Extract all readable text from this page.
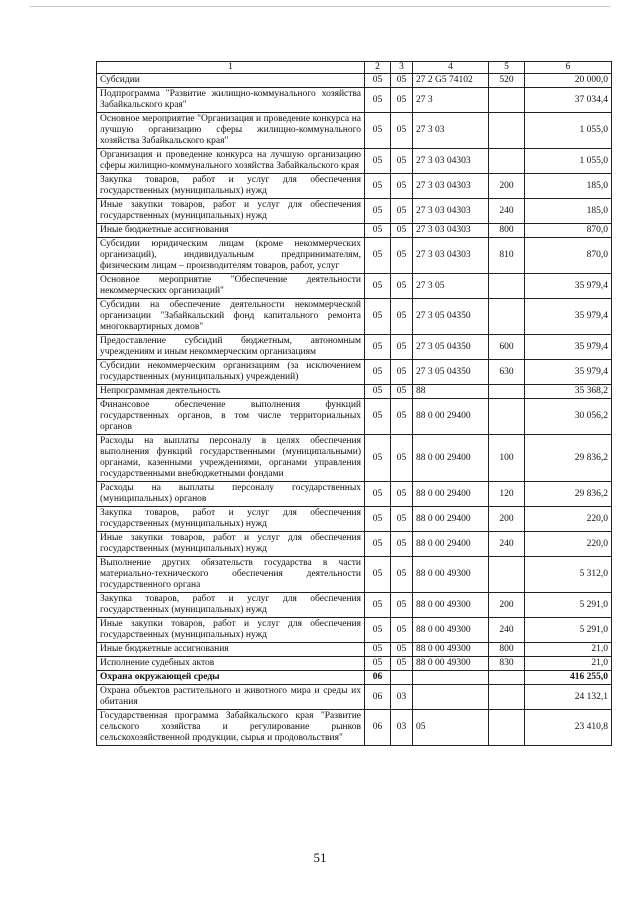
1	2	3	4	5	6
Субсидии	05	05	27 2 G5 74102	520	20 000,0
Подпрограмма "Развитие жилищно-коммунального хозяйства Забайкальского края"	05	05	27 3		37 034,4
Основное мероприятие "Организация и проведение конкурса на лучшую организацию сферы жилищно-коммунального хозяйства Забайкальского края"	05	05	27 3 03		1 055,0
Организация и проведение конкурса на лучшую организацию сферы жилищно-коммунального хозяйства Забайкальского края	05	05	27 3 03 04303		1 055,0
Закупка товаров, работ и услуг для обеспечения государственных (муниципальных) нужд	05	05	27 3 03 04303	200	185,0
Иные закупки товаров, работ и услуг для обеспечения государственных (муниципальных) нужд	05	05	27 3 03 04303	240	185,0
Иные бюджетные ассигнования	05	05	27 3 03 04303	800	870,0
Субсидии юридическим лицам (кроме некоммерческих организаций), индивидуальным предпринимателям, физическим лицам – производителям товаров, работ, услуг	05	05	27 3 03 04303	810	870,0
Основное мероприятие "Обеспечение деятельности некоммерческих организаций"	05	05	27 3 05		35 979,4
Субсидии на обеспечение деятельности некоммерческой организации "Забайкальский фонд капитального ремонта многоквартирных домов"	05	05	27 3 05 04350		35 979,4
Предоставление субсидий бюджетным, автономным учреждениям и иным некоммерческим организациям	05	05	27 3 05 04350	600	35 979,4
Субсидии некоммерческим организациям (за исключением государственных (муниципальных) учреждений)	05	05	27 3 05 04350	630	35 979,4
Непрограммная деятельность	05	05	88		35 368,2
Финансовое обеспечение выполнения функций государственных органов, в том числе территориальных органов	05	05	88 0 00 29400		30 056,2
Расходы на выплаты персоналу в целях обеспечения выполнения функций государственными (муниципальными) органами, казенными учреждениями, органами управления государственными внебюджетными фондами	05	05	88 0 00 29400	100	29 836,2
Расходы на выплаты персоналу государственных (муниципальных) органов	05	05	88 0 00 29400	120	29 836,2
Закупка товаров, работ и услуг для обеспечения государственных (муниципальных) нужд	05	05	88 0 00 29400	200	220,0
Иные закупки товаров, работ и услуг для обеспечения государственных (муниципальных) нужд	05	05	88 0 00 29400	240	220,0
Выполнение других обязательств государства в части материально-технического обеспечения деятельности государственного органа	05	05	88 0 00 49300		5 312,0
Закупка товаров, работ и услуг для обеспечения государственных (муниципальных) нужд	05	05	88 0 00 49300	200	5 291,0
Иные закупки товаров, работ и услуг для обеспечения государственных (муниципальных) нужд	05	05	88 0 00 49300	240	5 291,0
Иные бюджетные ассигнования	05	05	88 0 00 49300	800	21,0
Исполнение судебных актов	05	05	88 0 00 49300	830	21,0
Охрана окружающей среды	06				416 255,0
Охрана объектов растительного и животного мира и среды их обитания	06	03			24 132,1
Государственная программа Забайкальского края "Развитие сельского хозяйства и регулирование рынков сельскохозяйственной продукции, сырья и продовольствия"	06	03	05		23 410,8
51
